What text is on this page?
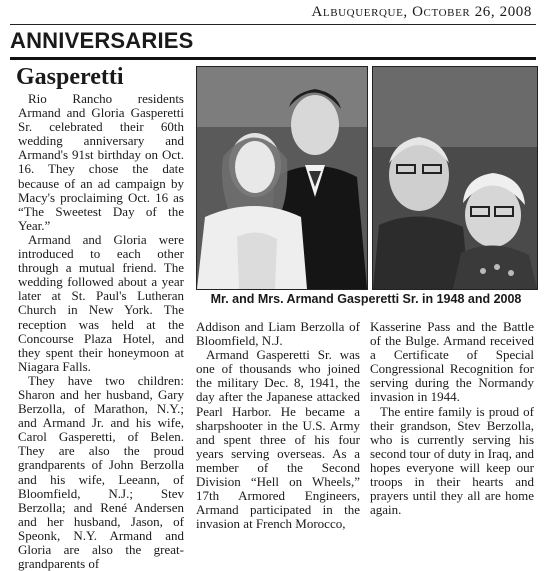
Albuquerque, October 26, 2008
ANNIVERSARIES
Gasperetti

Rio Rancho residents Armand and Gloria Gasperetti Sr. celebrated their 60th wedding anniversary and Armand's 91st birthday on Oct. 16. They chose the date because of an ad campaign by Macy's proclaiming Oct. 16 as “The Sweetest Day of the Year.”

Armand and Gloria were introduced to each other through a mutual friend. The wedding followed about a year later at St. Paul's Lutheran Church in New York. The reception was held at the Concourse Plaza Hotel, and they spent their honeymoon at Niagara Falls.

They have two children: Sharon and her husband, Gary Berzolla, of Marathon, N.Y.; and Armand Jr. and his wife, Carol Gasperetti, of Belen. They are also the proud grandparents of John Berzolla and his wife, Leeann, of Bloomfield, N.J.; Stev Berzolla; and René Andersen and her husband, Jason, of Speonk, N.Y. Armand and Gloria are also the great-grandparents of

Mr. and Mrs. Armand Gasperetti Sr. in 1948 and 2008

Addison and Liam Berzolla of Bloomfield, N.J.

Armand Gasperetti Sr. was one of thousands who joined the military Dec. 8, 1941, the day after the Japanese attacked Pearl Harbor. He became a sharpshooter in the U.S. Army and spent three of his four years serving overseas. As a member of the Second Division “Hell on Wheels,” 17th Armored Engineers, Armand participated in the invasion at French Morocco,

Kasserine Pass and the Battle of the Bulge. Armand received a Certificate of Special Congressional Recognition for serving during the Normandy invasion in 1944.

The entire family is proud of their grandson, Stev Berzolla, who is currently serving his second tour of duty in Iraq, and hopes everyone will keep our troops in their hearts and prayers until they all are home again.
